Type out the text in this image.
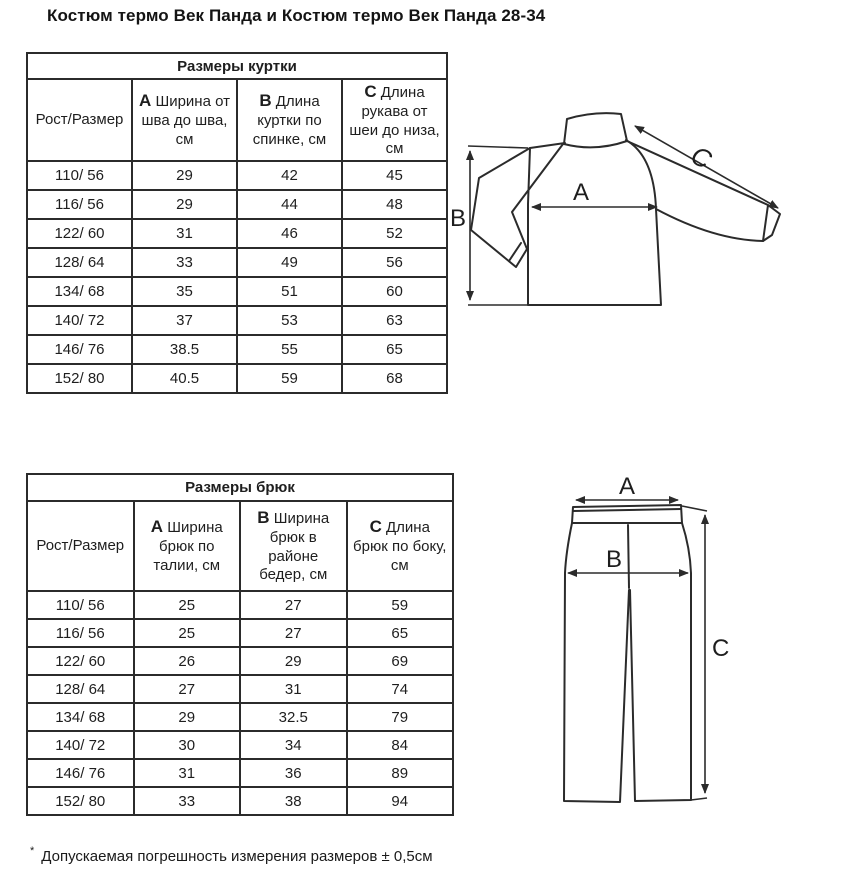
Костюм термо Век Панда и Костюм термо Век Панда 28-34
Размеры куртки			
Рост/Размер	A Ширина от шва до шва, см	B Длина куртки по спинке, см	C Длина рукава от шеи до низа, см
110/ 56	29	42	45
116/ 56	29	44	48
122/ 60	31	46	52
128/ 64	33	49	56
134/ 68	35	51	60
140/ 72	37	53	63
146/ 76	38.5	55	65
152/ 80	40.5	59	68
A
B
C
Размеры брюк			
Рост/Размер	A Ширина брюк по талии, см	B Ширина брюк в районе бедер, см	C Длина брюк по боку, см
110/ 56	25	27	59
116/ 56	25	27	65
122/ 60	26	29	69
128/ 64	27	31	74
134/ 68	29	32.5	79
140/ 72	30	34	84
146/ 76	31	36	89
152/ 80	33	38	94
A
B
C
* Допускаемая погрешность измерения размеров ± 0,5см
